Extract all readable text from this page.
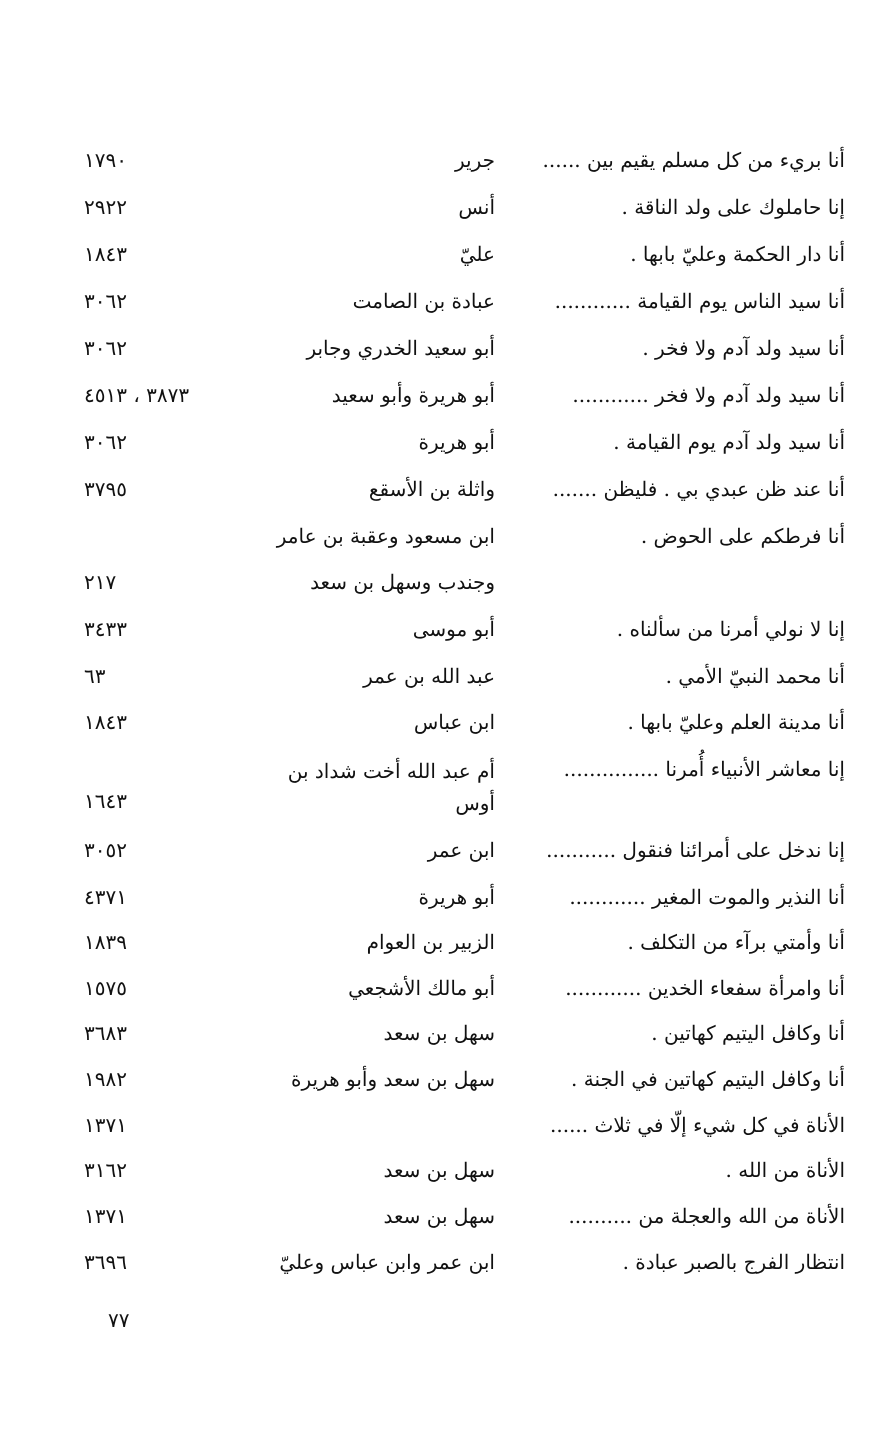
أنا بريء من كل مسلم يقيم بين ......
جرير
١٧٩٠
إنا حاملوك على ولد الناقة .
أنس
٢٩٢٢
أنا دار الحكمة وعليّ بابها .
عليّ
١٨٤٣
أنا سيد الناس يوم القيامة ............
عبادة بن الصامت
٣٠٦٢
أنا سيد ولد آدم ولا فخر .
أبو سعيد الخدري وجابر
٣٠٦٢
أنا سيد ولد آدم ولا فخر ............
أبو هريرة وأبو سعيد
٣٨٧٣ ، ٤٥١٣
أنا سيد ولد آدم يوم القيامة .
أبو هريرة
٣٠٦٢
أنا عند ظن عبدي بي . فليظن .......
واثلة بن الأسقع
٣٧٩٥
أنا فرطكم على الحوض .
ابن مسعود وعقبة بن عامر
وجندب وسهل بن سعد
٢١٧
إنا لا نولي أمرنا من سألناه .
أبو موسى
٣٤٣٣
أنا محمد النبيّ الأمي .
عبد الله بن عمر
٦٣
أنا مدينة العلم وعليّ بابها .
ابن عباس
١٨٤٣
إنا معاشر الأنبياء أُمرنا ...............
أم عبد الله أخت شداد بن أوس
١٦٤٣
إنا ندخل على أمرائنا فنقول ...........
ابن عمر
٣٠٥٢
أنا النذير والموت المغير ............
أبو هريرة
٤٣٧١
أنا وأمتي برآء من التكلف .
الزبير بن العوام
١٨٣٩
أنا وامرأة سفعاء الخدين ............
أبو مالك الأشجعي
١٥٧٥
أنا وكافل اليتيم كهاتين .
سهل بن سعد
٣٦٨٣
أنا وكافل اليتيم كهاتين في الجنة .
سهل بن سعد وأبو هريرة
١٩٨٢
الأناة في كل شيء إلّا في ثلاث ......
١٣٧١
الأناة من الله .
سهل بن سعد
٣١٦٢
الأناة من الله والعجلة من ..........
سهل بن سعد
١٣٧١
انتظار الفرج بالصبر عبادة .
ابن عمر وابن عباس وعليّ
٣٦٩٦
٧٧
